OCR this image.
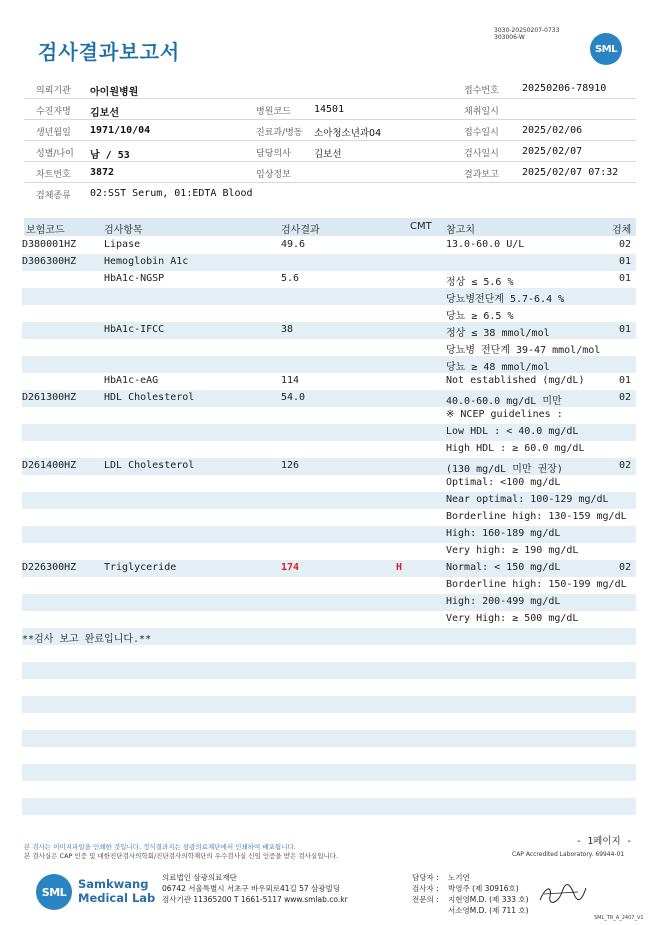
검사결과보고서
3030-20250207-0733
303006-W
SML
의뢰기관 아이원병원	접수번호 20250206-78910
수진자명 김보선	병원코드 14501	채취일시
생년월일 1971/10/04	진료과/병동 소아청소년과04	접수일시 2025/02/06
성별/나이 남 / 53	담당의사 김보선	검사일시 2025/02/07
차트번호 3872	임상정보	결과보고 2025/02/07 07:32
검체종류 02:SST Serum, 01:EDTA Blood
보험코드	검사항목	검사결과	CMT 참고치	검체
D380001HZ	Lipase	49.6	13.0-60.0 U/L	02
D306300HZ	Hemoglobin A1c	01
HbA1c-NGSP	5.6	정상 ≤ 5.6 %	01
당뇨병전단계 5.7-6.4 %
당뇨 ≥ 6.5 %
HbA1c-IFCC	38	정상 ≤ 38 mmol/mol	01
당뇨병 전단계 39-47 mmol/mol
당뇨 ≥ 48 mmol/mol
HbA1c-eAG	114	Not established (mg/dL)	01
D261300HZ	HDL Cholesterol	54.0	40.0-60.0 mg/dL 미만	02
※ NCEP guidelines :
Low HDL : < 40.0 mg/dL
High HDL : ≥ 60.0 mg/dL
D261400HZ	LDL Cholesterol	126	(130 mg/dL 미만 권장)	02
Optimal: <100 mg/dL
Near optimal: 100-129 mg/dL
Borderline high: 130-159 mg/dL
High: 160-189 mg/dL
Very high: ≥ 190 mg/dL
D226300HZ	Triglyceride	174	H	Normal: < 150 mg/dL	02
Borderline high: 150-199 mg/dL
High: 200-499 mg/dL
Very High: ≥ 500 mg/dL
**검사 보고 완료입니다.**
본 검사는 이미지파일을 인쇄한 것입니다. 정식결과지는 삼광의료재단에서 인쇄하여 배포됩니다.
본 검사실은 CAP 인증 및 대한진단검사의학회/진단검사의학재단의 우수검사실 신임 인증을 받은 검사실입니다.
- 1페이지 -
CAP Accredited Laboratory. 69944-01
SML
Samkwang
Medical Lab
의료법인 삼광의료재단
06742 서울특별시 서초구 바우뫼로41길 57 삼광빌딩
검사기관 11365200 T 1661-5117 www.smlab.co.kr
담당자 : 노기연
검사자 : 박영주 (제 30916호)
전문의 : 지현영M.D. (제 333 호)
서소영M.D. (제 711 호)
SML_TR_A_2407_V1
